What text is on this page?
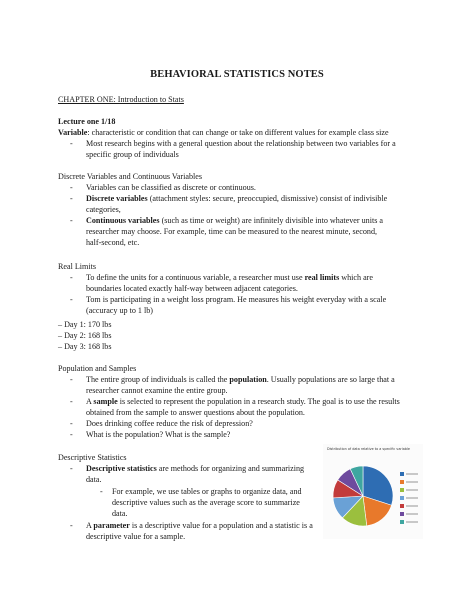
BEHAVIORAL STATISTICS NOTES
CHAPTER ONE: Introduction to Stats
Lecture one 1/18
Variable: characteristic or condition that can change or take on different values for example class size
- Most research begins with a general question about the relationship between two variables for a
specific group of individuals
Discrete Variables and Continuous Variables
- Variables can be classified as discrete or continuous.
- Discrete variables (attachment styles: secure, preoccupied, dismissive) consist of indivisible
categories,
- Continuous variables (such as time or weight) are infinitely divisible into whatever units a
researcher may choose. For example, time can be measured to the nearest minute, second,
half-second, etc.
Real Limits
- To define the units for a continuous variable, a researcher must use real limits which are
boundaries located exactly half-way between adjacent categories.
- Tom is participating in a weight loss program. He measures his weight everyday with a scale
(accuracy up to 1 lb)
– Day 1: 170 lbs
– Day 2: 168 lbs
– Day 3: 168 lbs
Population and Samples
- The entire group of individuals is called the population. Usually populations are so large that a
researcher cannot examine the entire group.
- A sample is selected to represent the population in a research study. The goal is to use the results
obtained from the sample to answer questions about the population.
- Does drinking coffee reduce the risk of depression?
- What is the population? What is the sample?
Descriptive Statistics
- Descriptive statistics are methods for organizing and summarizing
data.
- For example, we use tables or graphs to organize data, and
descriptive values such as the average score to summarize
data.
- A parameter is a descriptive value for a population and a statistic is a
descriptive value for a sample.
Distribution of data relative to a specific variable
